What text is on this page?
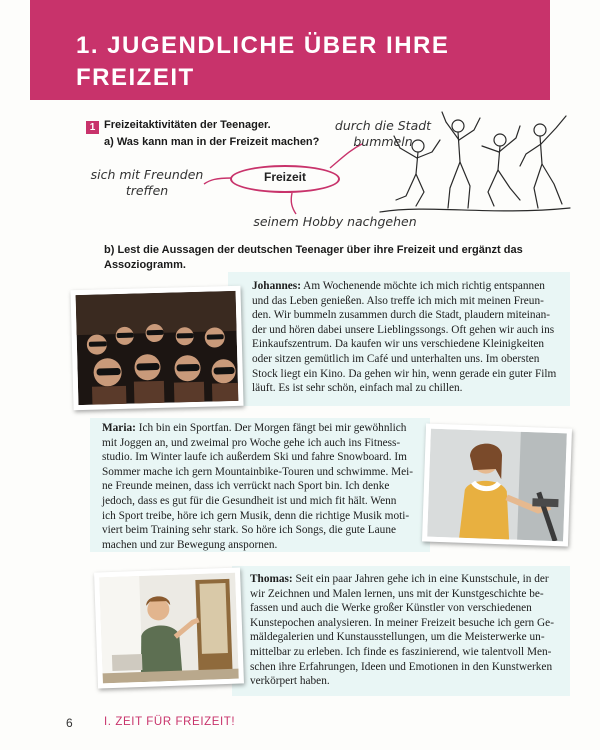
1. JUGENDLICHE ÜBER IHRE
FREIZEIT
1 Freizeitaktivitäten der Teenager.
a) Was kann man in der Freizeit machen?
Freizeit
durch die Stadt
bummeln
sich mit Freunden
treffen
seinem Hobby nachgehen
b) Lest die Aussagen der deutschen Teenager über ihre Freizeit und ergänzt das
Assoziogramm.
Johannes: Am Wochenende möchte ich mich richtig entspannen
und das Leben genießen. Also treffe ich mich mit meinen Freun-
den. Wir bummeln zusammen durch die Stadt, plaudern miteinan-
der und hören dabei unsere Lieblingssongs. Oft gehen wir auch ins
Einkaufszentrum. Da kaufen wir uns verschiedene Kleinigkeiten
oder sitzen gemütlich im Café und unterhalten uns. Im obersten
Stock liegt ein Kino. Da gehen wir hin, wenn gerade ein guter Film
läuft. Es ist sehr schön, einfach mal zu chillen.
Maria: Ich bin ein Sportfan. Der Morgen fängt bei mir gewöhnlich
mit Joggen an, und zweimal pro Woche gehe ich auch ins Fitness-
studio. Im Winter laufe ich außerdem Ski und fahre Snowboard. Im
Sommer mache ich gern Mountainbike-Touren und schwimme. Mei-
ne Freunde meinen, dass ich verrückt nach Sport bin. Ich denke
jedoch, dass es gut für die Gesundheit ist und mich fit hält. Wenn
ich Sport treibe, höre ich gern Musik, denn die richtige Musik moti-
viert beim Training sehr stark. So höre ich Songs, die gute Laune
machen und zur Bewegung anspornen.
Thomas: Seit ein paar Jahren gehe ich in eine Kunstschule, in der
wir Zeichnen und Malen lernen, uns mit der Kunstgeschichte be-
fassen und auch die Werke großer Künstler von verschiedenen
Kunstepochen analysieren. In meiner Freizeit besuche ich gern Ge-
mäldegalerien und Kunstausstellungen, um die Meisterwerke un-
mittelbar zu erleben. Ich finde es faszinierend, wie talentvoll Men-
schen ihre Erfahrungen, Ideen und Emotionen in den Kunstwerken
verkörpert haben.
6	I. ZEIT FÜR FREIZEIT!
